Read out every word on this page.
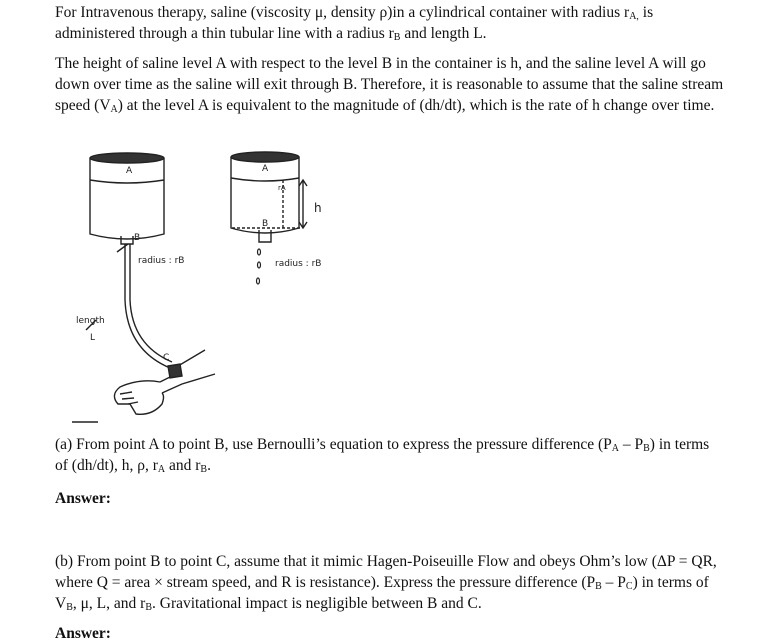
For Intravenous therapy, saline (viscosity μ, density ρ)in a cylindrical container with radius $r_{A,}$ is administered through a thin tubular line with a radius $r_B$ and length L.

The height of saline level A with respect to the level B in the container is h, and the saline level A will go down over time as the saline will exit through B. Therefore, it is reasonable to assume that the saline stream speed $(V_A)$ at the level A is equivalent to the magnitude of (dh/dt), which is the rate of h change over time.

A
B
radius : rB
length
L
C
A
rA
B
h
radius : rB

(a) From point A to point B, use Bernoulli’s equation to express the pressure difference $(P_A - P_B)$ in terms of (dh/dt), h, ρ, $r_A$ and $r_B$.

Answer:

(b) From point B to point C, assume that it mimic Hagen-Poiseuille Flow and obeys Ohm’s low (ΔP = QR, where Q = area × stream speed, and R is resistance). Express the pressure difference $(P_B - P_C)$ in terms of $V_B$, μ, L, and $r_B$. Gravitational impact is negligible between B and C.

Answer:
